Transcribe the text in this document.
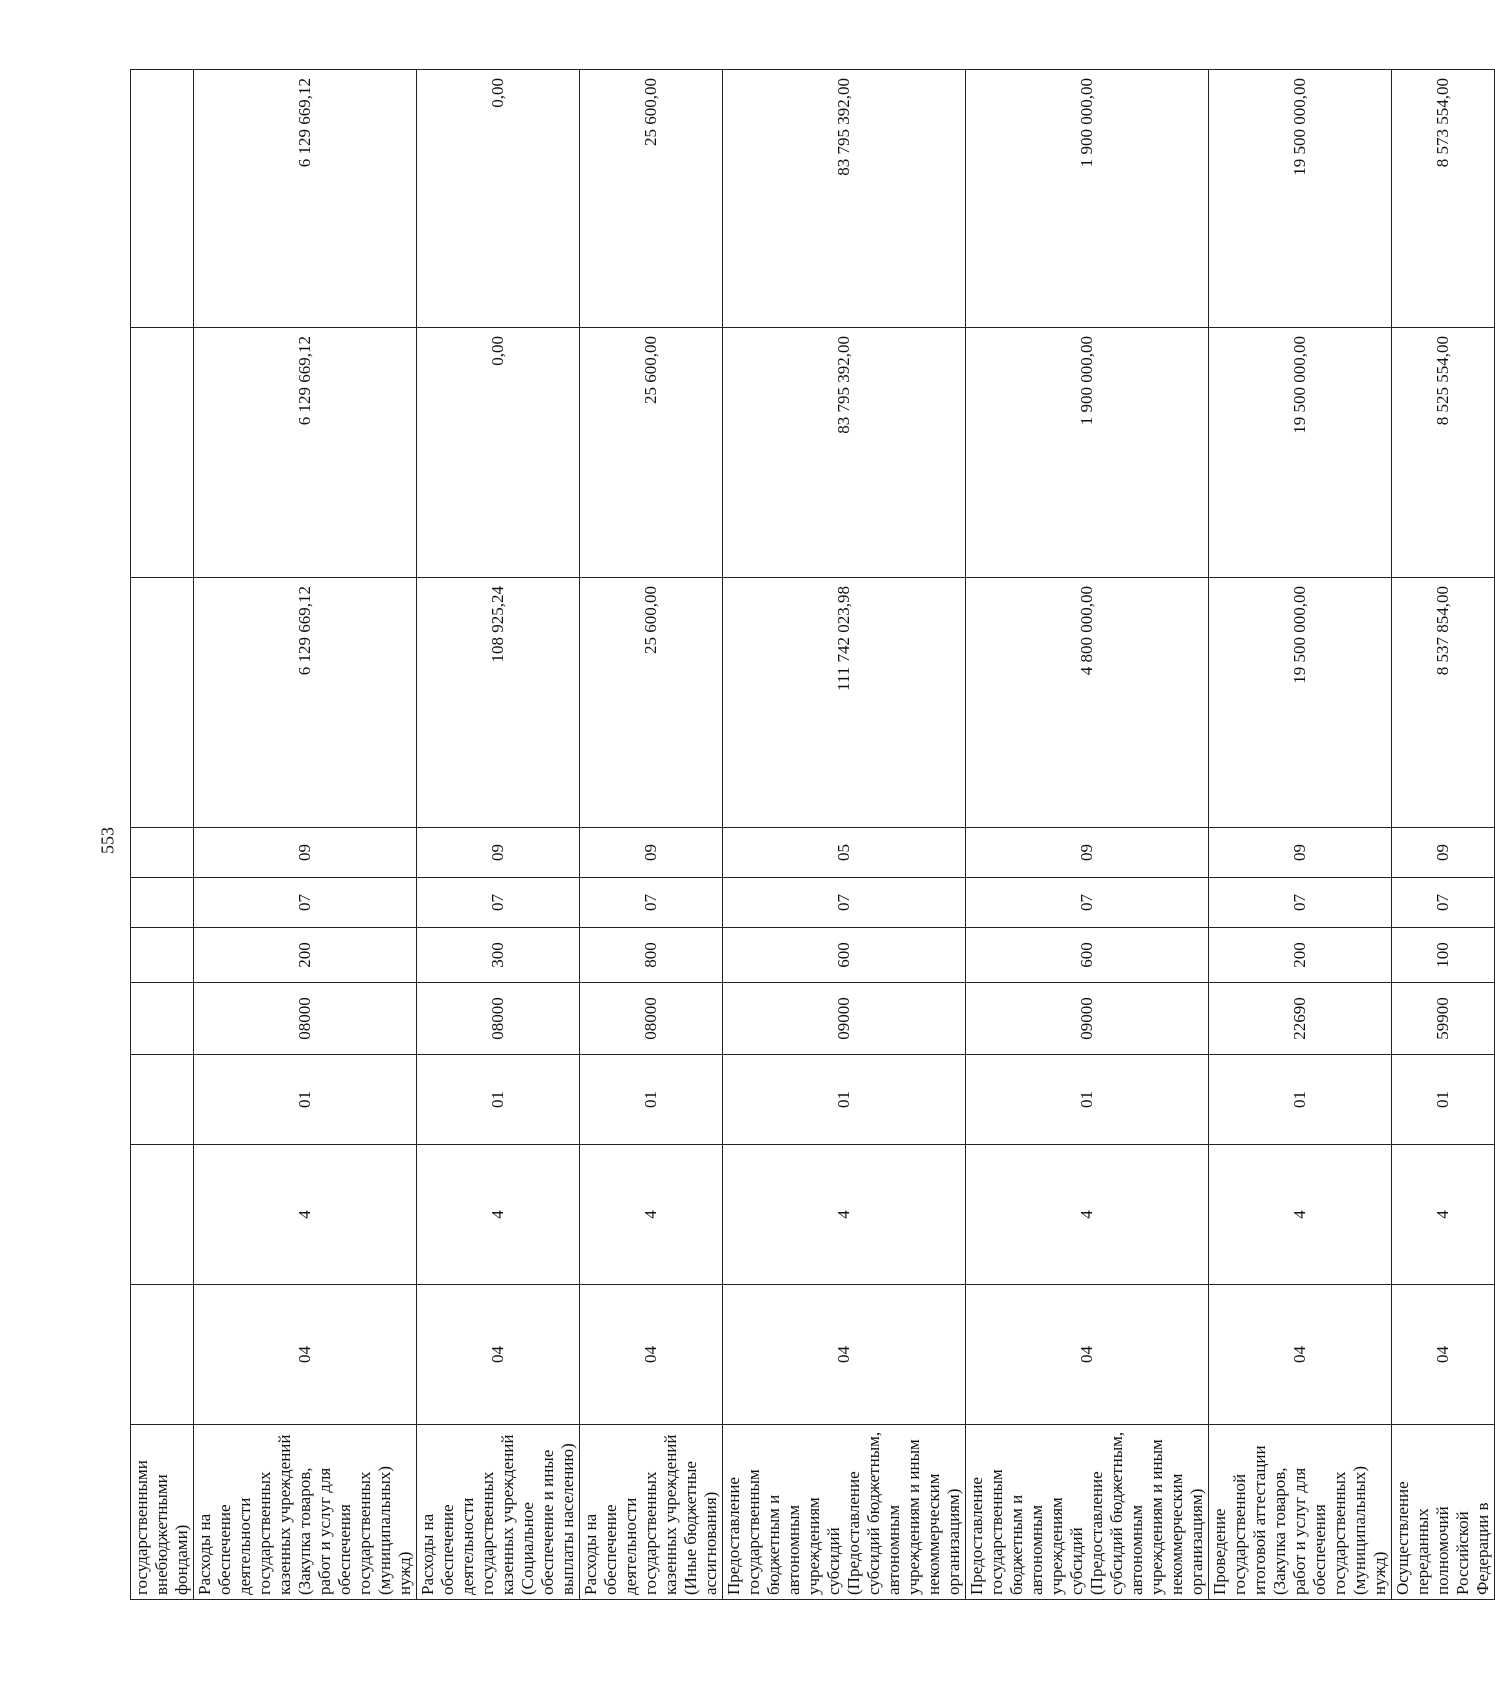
553
государственными внебюджетными фондами)										
Расходы на обеспечение деятельности государственных казенных учреждений (Закупка товаров, работ и услуг для обеспечения государственных (муниципальных) нужд)	04	4	01	08000	200	07	09	6 129 669,12	6 129 669,12	6 129 669,12
Расходы на обеспечение деятельности государственных казенных учреждений (Социальное обеспечение и иные выплаты населению)	04	4	01	08000	300	07	09	108 925,24	0,00	0,00
Расходы на обеспечение деятельности государственных казенных учреждений (Иные бюджетные ассигнования)	04	4	01	08000	800	07	09	25 600,00	25 600,00	25 600,00
Предоставление государственным бюджетным и автономным учреждениям субсидий (Предоставление субсидий бюджетным, автономным учреждениям и иным некоммерческим организациям)	04	4	01	09000	600	07	05	111 742 023,98	83 795 392,00	83 795 392,00
Предоставление государственным бюджетным и автономным учреждениям субсидий (Предоставление субсидий бюджетным, автономным учреждениям и иным некоммерческим организациям)	04	4	01	09000	600	07	09	4 800 000,00	1 900 000,00	1 900 000,00
Проведение государственной итоговой аттестации (Закупка товаров, работ и услуг для обеспечения государственных (муниципальных) нужд)	04	4	01	22690	200	07	09	19 500 000,00	19 500 000,00	19 500 000,00
Осуществление переданных полномочий Российской Федерации в	04	4	01	59900	100	07	09	8 537 854,00	8 525 554,00	8 573 554,00
